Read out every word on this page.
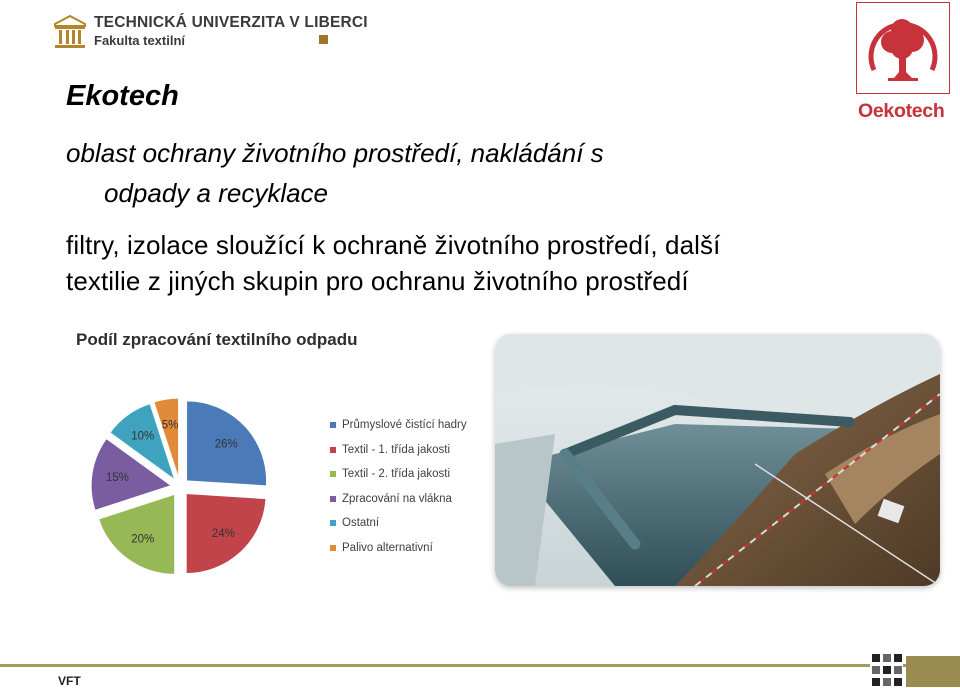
TECHNICKÁ UNIVERZITA V LIBERCI
Fakulta textilní
Oekotech
Ekotech
oblast ochrany životního prostředí, nakládání s
odpady a recyklace
filtry, izolace sloužící k ochraně životního prostředí, další
textilie z jiných skupin pro ochranu životního prostředí
Podíl zpracování textilního odpadu
26%
24%
20%
15%
10%
5%	Průmyslové čistící hadry
Textil - 1. třída jakosti
Textil - 2. třída jakosti
Zpracování na vlákna
Ostatní
Palivo alternativní
VFT
